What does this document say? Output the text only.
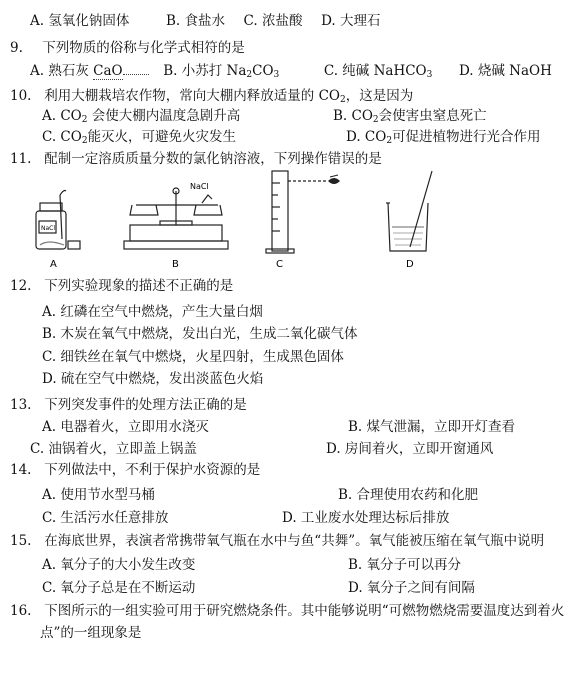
A. 氢氧化钠固体	B. 食盐水 C. 浓盐酸 D. 大理石
9. 下列物质的俗称与化学式相符的是
A. 熟石灰 CaO	B. 小苏打 $Na_2CO_3$	C. 纯碱 NaHCO$_3$ D. 烧碱 NaOH
10. 利用大棚栽培农作物，常向大棚内释放适量的 $CO_2$，这是因为
A. $CO_2$ 会使大棚内温度急剧升高	B. $CO_2$会使害虫窒息死亡
C. $CO_2$能灭火，可避免火灾发生	D. $CO_2$可促进植物进行光合作用
11. 配制一定溶质质量分数的氯化钠溶液，下列操作错误的是
NaCl
A
NaCl
B	C	D
12. 下列实验现象的描述不正确的是
A. 红磷在空气中燃烧，产生大量白烟
B. 木炭在氧气中燃烧，发出白光，生成二氧化碳气体
C. 细铁丝在氧气中燃烧，火星四射，生成黑色固体
D. 硫在空气中燃烧，发出淡蓝色火焰
13. 下列突发事件的处理方法正确的是
A. 电器着火，立即用水浇灭	B. 煤气泄漏，立即开灯查看
C. 油锅着火，立即盖上锅盖	D. 房间着火，立即开窗通风
14. 下列做法中，不利于保护水资源的是
A. 使用节水型马桶	B. 合理使用农药和化肥
C. 生活污水任意排放	D. 工业废水处理达标后排放
15. 在海底世界，表演者常携带氧气瓶在水中与鱼“共舞”。氧气能被压缩在氧气瓶中说明
A. 氧分子的大小发生改变	B. 氧分子可以再分
C. 氧分子总是在不断运动	D. 氧分子之间有间隔
16. 下图所示的一组实验可用于研究燃烧条件。其中能够说明“可燃物燃烧需要温度达到着火
点”的一组现象是
